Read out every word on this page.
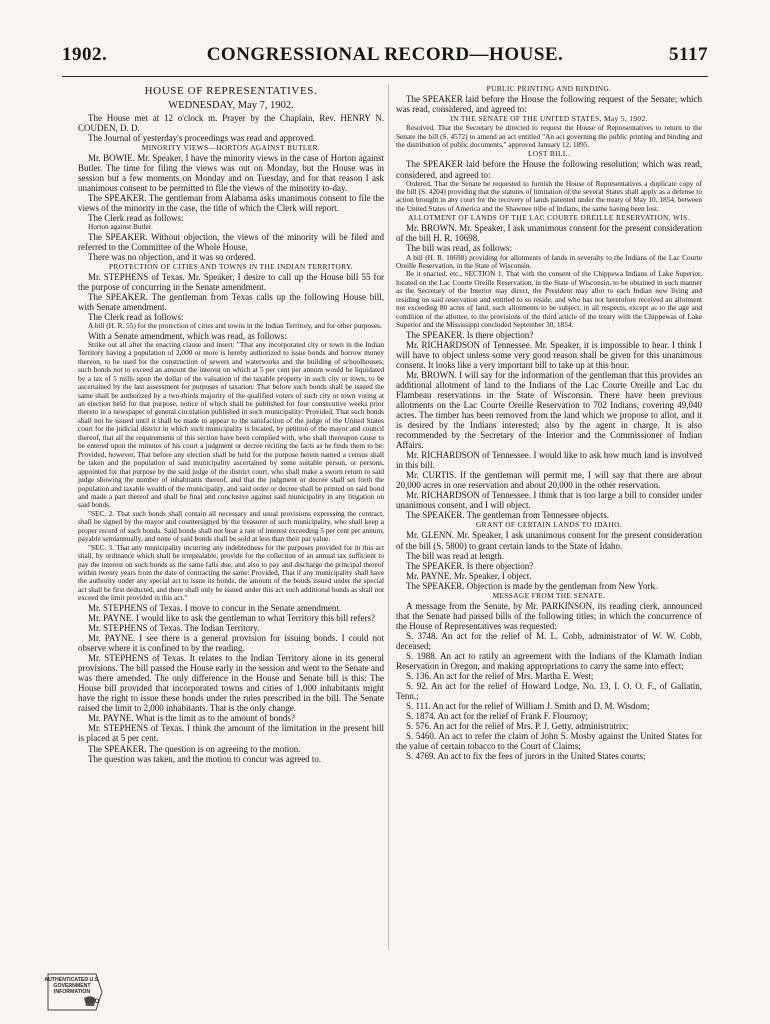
1902.	CONGRESSIONAL RECORD—HOUSE.	5117

HOUSE OF REPRESENTATIVES.

WEDNESDAY, May 7, 1902.

The House met at 12 o'clock m. Prayer by the Chaplain, Rev. HENRY N. COUDEN, D. D.

The Journal of yesterday's proceedings was read and approved.

MINORITY VIEWS—HORTON AGAINST BUTLER.

Mr. BOWIE. Mr. Speaker, I have the minority views in the case of Horton against Butler. The time for filing the views was out on Monday, but the House was in session but a few moments on Monday and on Tuesday, and for that reason I ask unanimous consent to be permitted to file the views of the minority to-day.

The SPEAKER. The gentleman from Alabama asks unanimous consent to file the views of the minority in the case, the title of which the Clerk will report.

The Clerk read as follows:

Horton against Butler.

The SPEAKER. Without objection, the views of the minority will be filed and referred to the Committee of the Whole House.

There was no objection, and it was so ordered.

PROTECTION OF CITIES AND TOWNS IN THE INDIAN TERRITORY.

Mr. STEPHENS of Texas. Mr. Speaker, I desire to call up the House bill 55 for the purpose of concurring in the Senate amendment.

The SPEAKER. The gentleman from Texas calls up the following House bill, with Senate amendment.

The Clerk read as follows:

A bill (H. R. 55) for the protection of cities and towns in the Indian Territory, and for other purposes.

With a Senate amendment, which was read, as follows:

Strike out all after the enacting clause and insert: "That any incorporated city or town in the Indian Territory having a population of 2,000 or more is hereby authorized to issue bonds and borrow money thereon, to be used for the construction of sewers and waterworks and the building of schoolhouses; such bonds not to exceed an amount the interest on which at 5 per cent per annum would be liquidated by a tax of 5 mills upon the dollar of the valuation of the taxable property in such city or town, to be ascertained by the last assessment for purposes of taxation: That before such bonds shall be issued the same shall be authorized by a two-thirds majority of the qualified voters of such city or town voting at an election held for that purpose, notice of which shall be published for four consecutive weeks prior thereto in a newspaper of general circulation published in such municipality: Provided, That such bonds shall not be issued until it shall be made to appear to the satisfaction of the judge of the United States court for the judicial district in which such municipality is located, by petition of the mayor and council thereof, that all the requirements of this section have been complied with, who shall thereupon cause to be entered upon the minutes of his court a judgment or decree reciting the facts as he finds them to be: Provided, however, That before any election shall be held for the purpose herein named a census shall be taken and the population of said municipality ascertained by some suitable person, or persons, appointed for that purpose by the said judge of the district court, who shall make a sworn return to said judge showing the number of inhabitants thereof, and that the judgment or decree shall set forth the population and taxable wealth of the municipality, and said order or decree shall be printed on said bond and made a part thereof and shall be final and conclusive against said municipality in any litigation on said bonds.

"SEC. 2. That such bonds shall contain all necessary and usual provisions expressing the contract, shall be signed by the mayor and countersigned by the treasurer of such municipality, who shall keep a proper record of such bonds. Said bonds shall not bear a rate of interest exceeding 5 per cent per annum, payable semiannually, and none of said bonds shall be sold at less than their par value.

"SEC. 3. That any municipality incurring any indebtedness for the purposes provided for in this act shall, by ordinance which shall be irrepealable, provide for the collection of an annual tax sufficient to pay the interest on such bonds as the same falls due, and also to pay and discharge the principal thereof within twenty years from the date of contracting the same: Provided, That if any municipality shall have the authority under any special act to issue its bonds, the amount of the bonds issued under the special act shall be first deducted, and there shall only be issued under this act such additional bonds as shall not exceed the limit provided in this act."

Mr. STEPHENS of Texas. I move to concur in the Senate amendment.

Mr. PAYNE. I would like to ask the gentleman to what Territory this bill refers?

Mr. STEPHENS of Texas. The Indian Territory.

Mr. PAYNE. I see there is a general provision for issuing bonds. I could not observe where it is confined to by the reading.

Mr. STEPHENS of Texas. It relates to the Indian Territory alone in its general provisions. The bill passed the House early in the session and went to the Senate and was there amended. The only difference in the House and Senate bill is this: The House bill provided that incorporated towns and cities of 1,000 inhabitants might have the right to issue these bonds under the rules prescribed in the bill. The Senate raised the limit to 2,000 inhabitants. That is the only change.

Mr. PAYNE. What is the limit as to the amount of bonds?

Mr. STEPHENS of Texas. I think the amount of the limitation in the present bill is placed at 5 per cent.

The SPEAKER. The question is on agreeing to the motion.

The question was taken, and the motion to concur was agreed to.

PUBLIC PRINTING AND BINDING.

The SPEAKER laid before the House the following request of the Senate; which was read, considered, and agreed to:

IN THE SENATE OF THE UNITED STATES, May 5, 1902.

Resolved, That the Secretary be directed to request the House of Representatives to return to the Senate the bill (S. 4572) to amend an act entitled "An act governing the public printing and binding and the distribution of public documents," approved January 12, 1895.

LOST BILL.

The SPEAKER laid before the House the following resolution; which was read, considered, and agreed to:

Ordered, That the Senate be requested to furnish the House of Representatives a duplicate copy of the bill (S. 4204) providing that the statutes of limitation of the several States shall apply as a defense to action brought in any court for the recovery of lands patented under the treaty of May 10, 1854, between the United States of America and the Shawnee tribe of Indians, the same having been lost.

ALLOTMENT OF LANDS OF THE LAC COURTE OREILLE RESERVATION, WIS.

Mr. BROWN. Mr. Speaker, I ask unanimous consent for the present consideration of the bill H. R. 10698.

The bill was read, as follows:

A bill (H. R. 10698) providing for allotments of lands in severalty to the Indians of the Lac Courte Oreille Reservation, in the State of Wisconsin.

Be it enacted, etc., SECTION 1. That with the consent of the Chippewa Indians of Lake Superior, located on the Lac Courte Oreille Reservation, in the State of Wisconsin, to be obtained in such manner as the Secretary of the Interior may direct, the President may allot to each Indian now living and residing on said reservation and entitled to so reside, and who has not heretofore received an allotment not exceeding 80 acres of land, such allotments to be subject, in all respects, except as to the age and condition of the allottee, to the provisions of the third article of the treaty with the Chippewas of Lake Superior and the Mississippi concluded September 30, 1854.

The SPEAKER. Is there objection?

Mr. RICHARDSON of Tennessee. Mr. Speaker, it is impossible to hear. I think I will have to object unless some very good reason shall be given for this unanimous consent. It looks like a very important bill to take up at this hour.

Mr. BROWN. I will say for the information of the gentleman that this provides an additional allotment of land to the Indians of the Lac Courte Oreille and Lac du Flambeau reservations in the State of Wisconsin. There have been previous allotments on the Lac Courte Oreille Reservation to 702 Indians, covering 49,040 acres. The timber has been removed from the land which we propose to allot, and it is desired by the Indians interested; also by the agent in charge. It is also recommended by the Secretary of the Interior and the Commissioner of Indian Affairs.

Mr. RICHARDSON of Tennessee. I would like to ask how much land is involved in this bill.

Mr. CURTIS. If the gentleman will permit me, I will say that there are about 20,000 acres in one reservation and about 20,000 in the other reservation.

Mr. RICHARDSON of Tennessee. I think that is too large a bill to consider under unanimous consent, and I will object.

The SPEAKER. The gentleman from Tennessee objects.

GRANT OF CERTAIN LANDS TO IDAHO.

Mr. GLENN. Mr. Speaker, I ask unanimous consent for the present consideration of the bill (S. 5800) to grant certain lands to the State of Idaho.

The bill was read at length.

The SPEAKER. Is there objection?

Mr. PAYNE. Mr. Speaker, I object.

The SPEAKER. Objection is made by the gentleman from New York.

MESSAGE FROM THE SENATE.

A message from the Senate, by Mr. PARKINSON, its reading clerk, announced that the Senate had passed bills of the following titles; in which the concurrence of the House of Representatives was requested:

S. 3748. An act for the relief of M. L. Cobb, administrator of W. W. Cobb, deceased;

S. 1988. An act to ratify an agreement with the Indians of the Klamath Indian Reservation in Oregon, and making appropriations to carry the same into effect;

S. 136. An act for the relief of Mrs. Martha E. West;

S. 92. An act for the relief of Howard Lodge, No. 13, I. O. O. F., of Gallatin, Tenn.;

S. 111. An act for the relief of William J. Smith and D. M. Wisdom;

S. 1874. An act for the relief of Frank F. Flournoy;

S. 576. An act for the relief of Mrs. P. J. Getty, administratrix;

S. 5460. An act to refer the claim of John S. Mosby against the United States for the value of certain tobacco to the Court of Claims;

S. 4769. An act to fix the fees of jurors in the United States courts;

AUTHENTICATED U.S. GOVERNMENT INFORMATION
GPO
